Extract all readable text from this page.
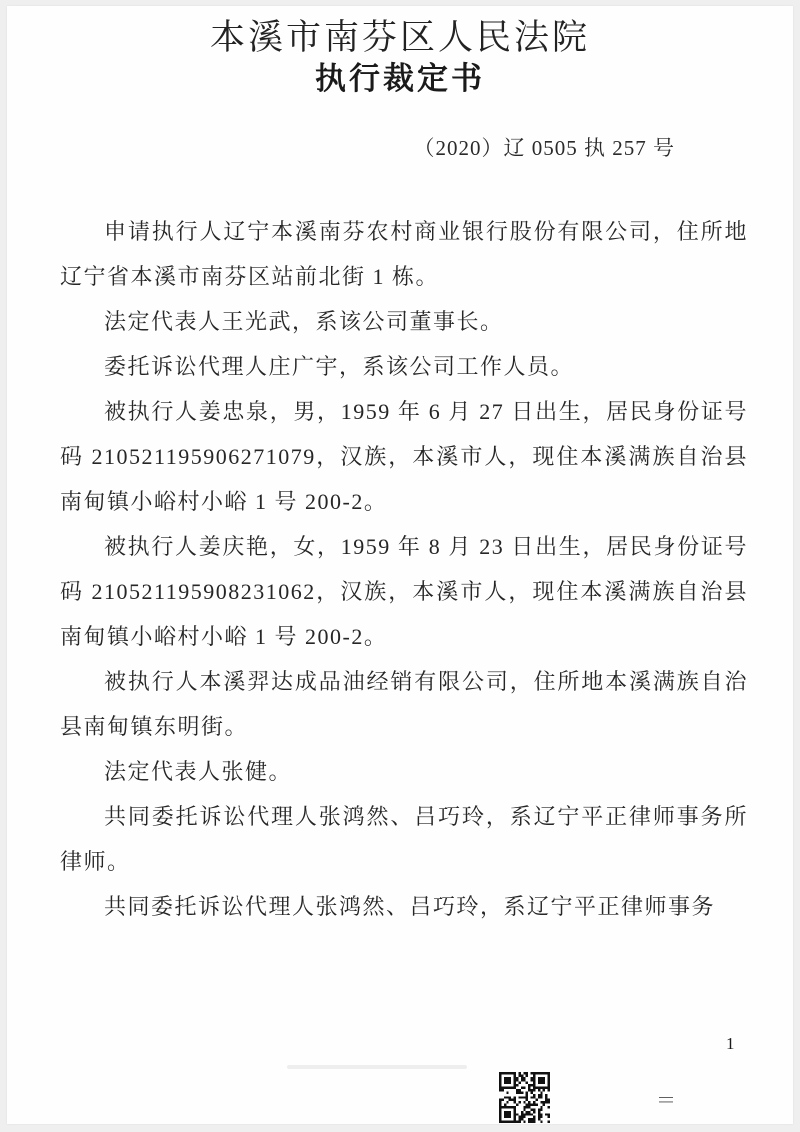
本溪市南芬区人民法院
执行裁定书
（2020）辽 0505 执 257 号

申请执行人辽宁本溪南芬农村商业银行股份有限公司，住所地辽宁省本溪市南芬区站前北街 1 栋。

法定代表人王光武，系该公司董事长。

委托诉讼代理人庄广宇，系该公司工作人员。

被执行人姜忠泉，男，1959 年 6 月 27 日出生，居民身份证号码 210521195906271079，汉族，本溪市人，现住本溪满族自治县南甸镇小峪村小峪 1 号 200-2。

被执行人姜庆艳，女，1959 年 8 月 23 日出生，居民身份证号码 210521195908231062，汉族，本溪市人，现住本溪满族自治县南甸镇小峪村小峪 1 号 200-2。

被执行人本溪羿达成品油经销有限公司，住所地本溪满族自治县南甸镇东明街。

法定代表人张健。

共同委托诉讼代理人张鸿然、吕巧玲，系辽宁平正律师事务所律师。

共同委托诉讼代理人张鸿然、吕巧玲，系辽宁平正律师事务

1
＝
